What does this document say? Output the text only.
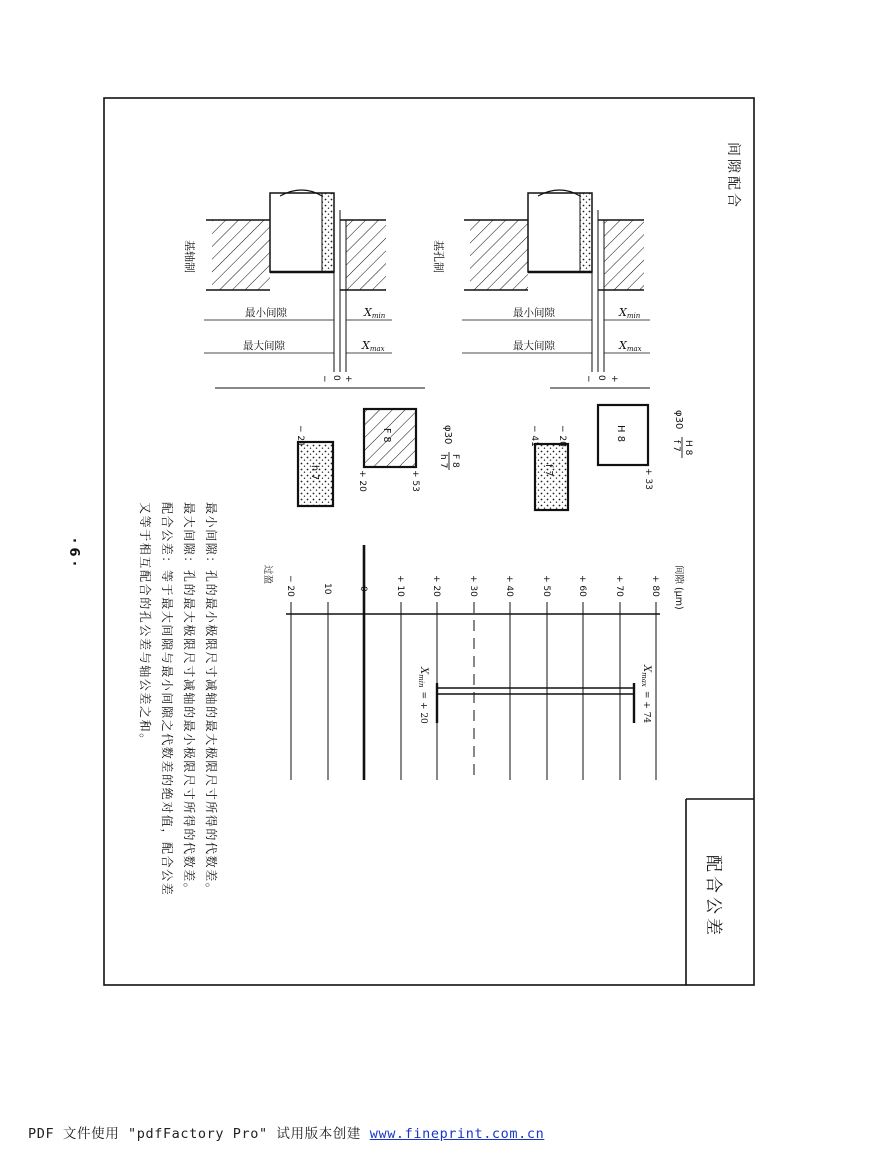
· 6 ·
间隙配合
配合公差
基孔制
最小间隙
最大间隙
Xmin
Xmax
0 +
−
H 8
+ 33
f 7
− 20
− 41
φ30
H 8
f 7
基轴制
最小间隙
最大间隙
Xmin
Xmax
0 +
−
F 8
+ 53
+ 20
h 7
− 21	φ30
F 8
h 7
+ 80
+ 70
+ 60
+ 50
+ 40
+ 30
+ 20
+ 10
0
10
− 20	间隙 (μm)
过盈
$X_{max}= + 74$
$X_{min}= + 20$
最小间隙：孔的最小极限尺寸减轴的最大极限尺寸所得的代数差。
最大间隙：孔的最大极限尺寸减轴的最小极限尺寸所得的代数差。
配合公差：等于最大间隙与最小间隙之代数差的绝对值，配合公差
又等于相互配合的孔公差与轴公差之和。
PDF 文件使用 "pdfFactory Pro" 试用版本创建 www.fineprint.com.cn
